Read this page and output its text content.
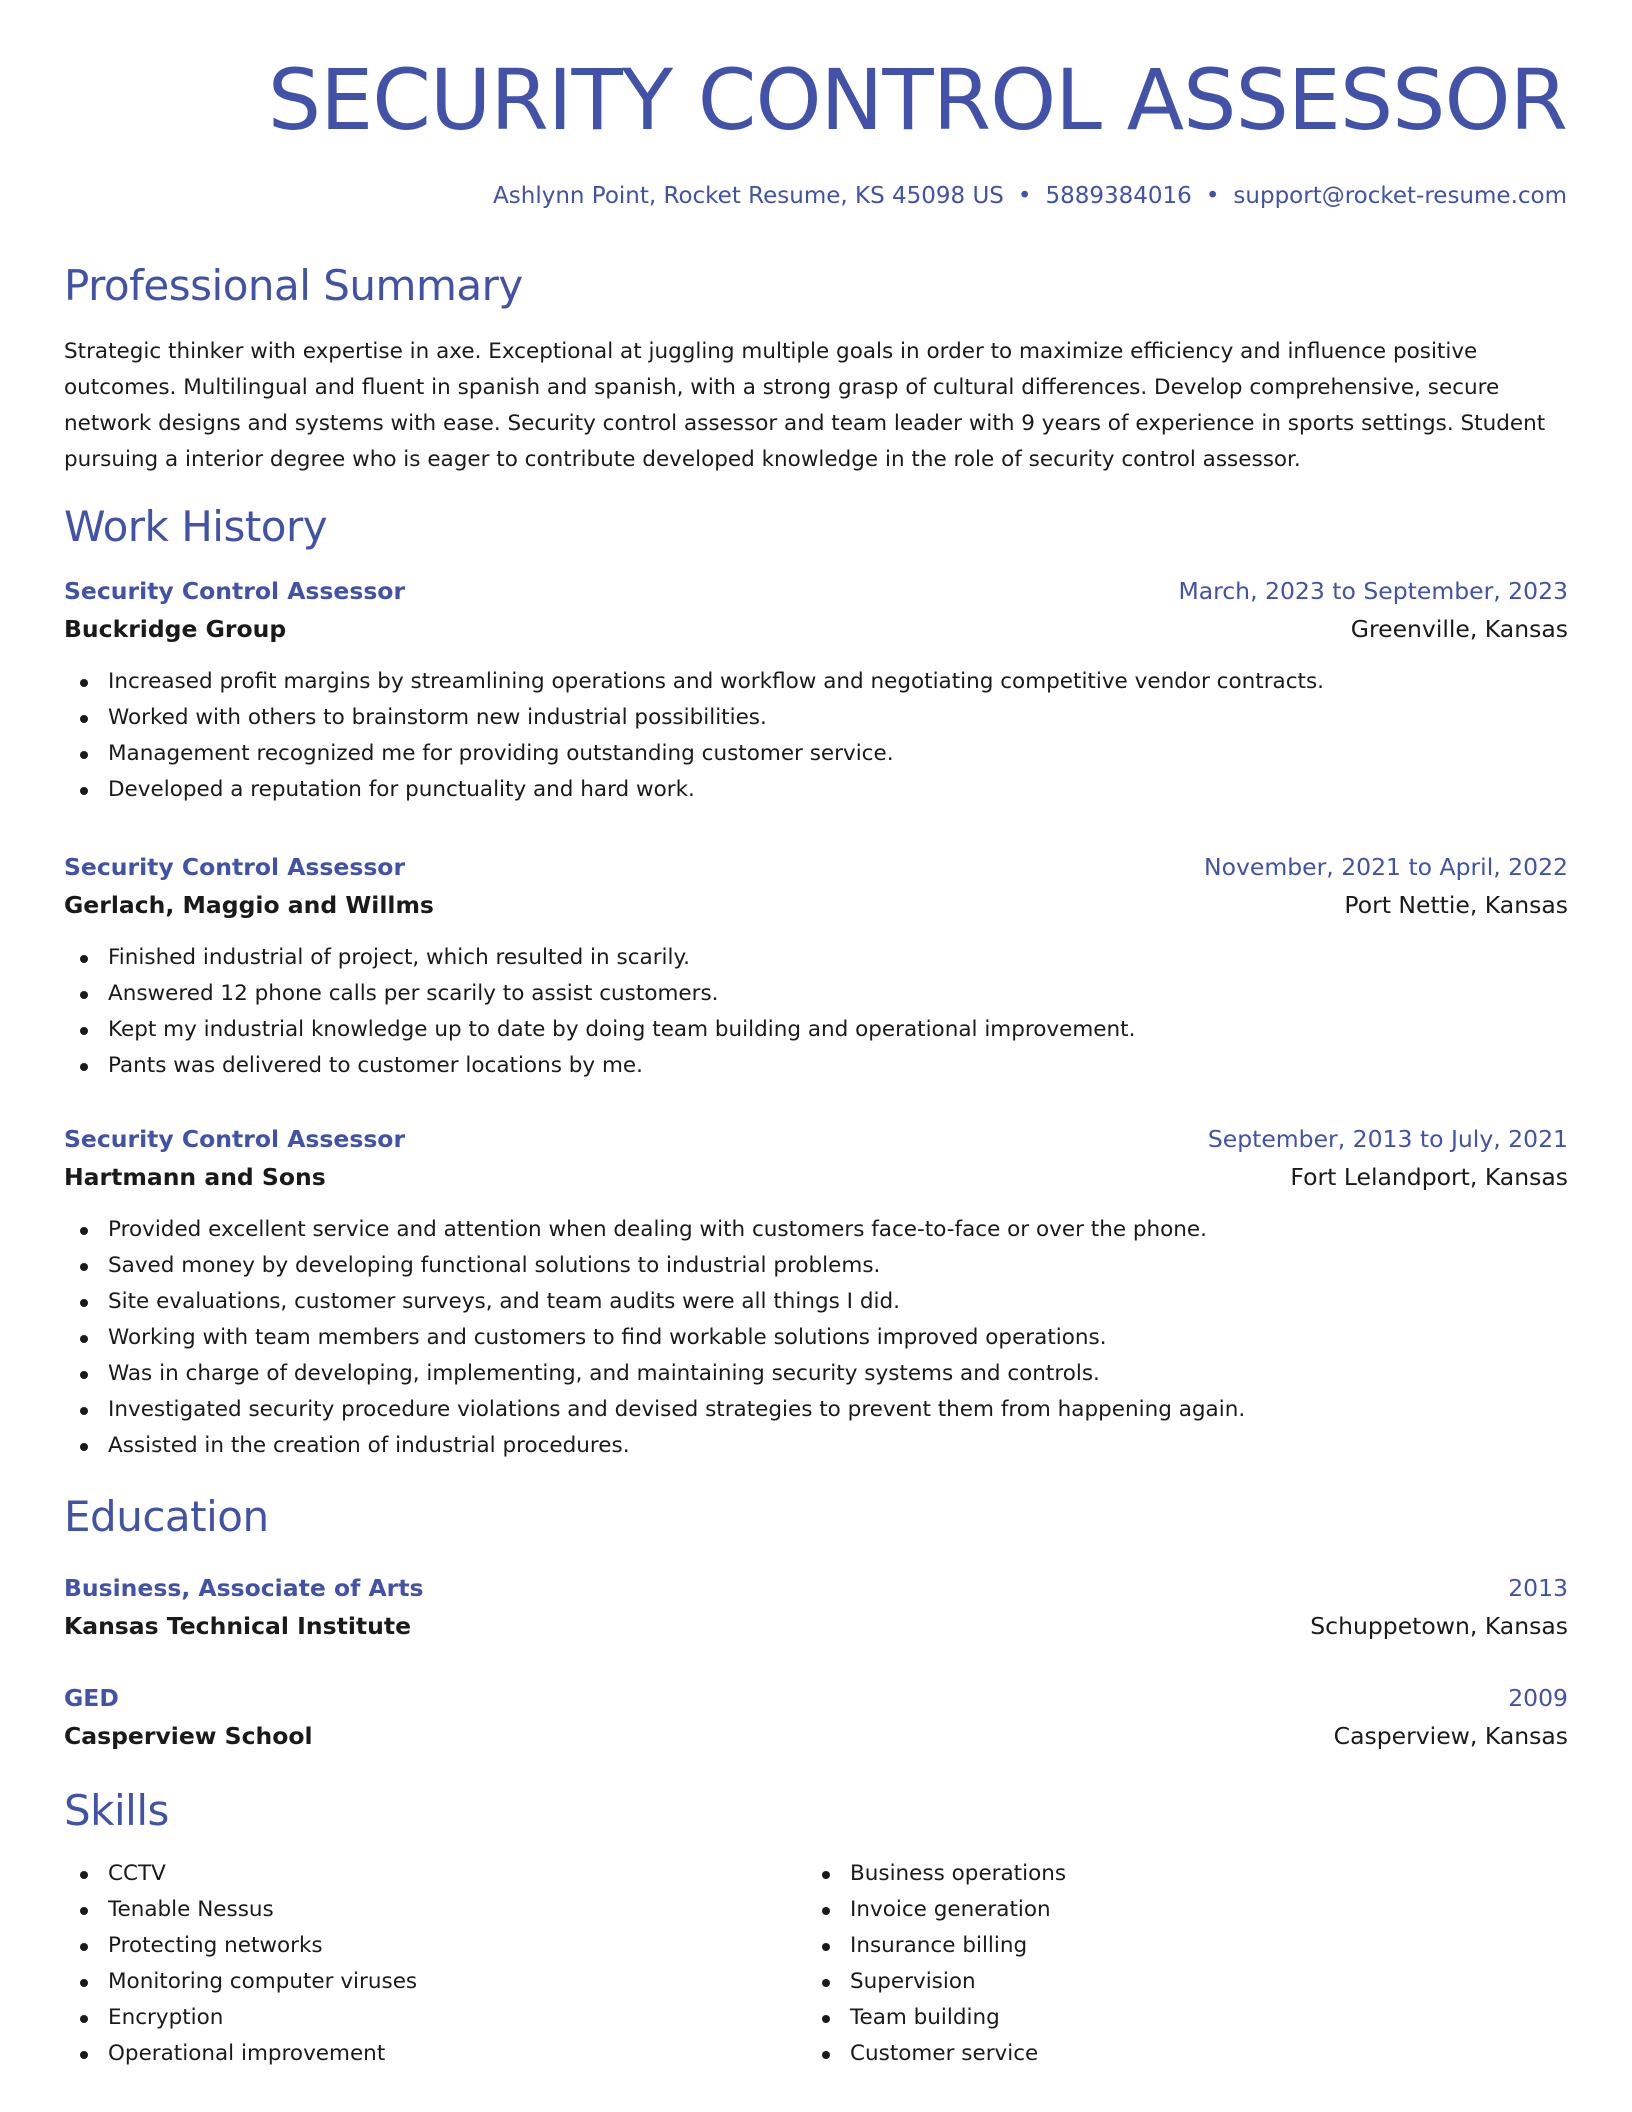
SECURITY CONTROL ASSESSOR
Ashlynn Point, Rocket Resume, KS 45098 US • 5889384016 • support@rocket-resume.com
Professional Summary

Strategic thinker with expertise in axe. Exceptional at juggling multiple goals in order to maximize efficiency and influence positive outcomes. Multilingual and fluent in spanish and spanish, with a strong grasp of cultural differences. Develop comprehensive, secure network designs and systems with ease. Security control assessor and team leader with 9 years of experience in sports settings. Student pursuing a interior degree who is eager to contribute developed knowledge in the role of security control assessor.

Work History
Security Control Assessor	March, 2023 to September, 2023
Buckridge Group	Greenville, Kansas
Increased profit margins by streamlining operations and workflow and negotiating competitive vendor contracts.
Worked with others to brainstorm new industrial possibilities.
Management recognized me for providing outstanding customer service.
Developed a reputation for punctuality and hard work.
Security Control Assessor	November, 2021 to April, 2022
Gerlach, Maggio and Willms	Port Nettie, Kansas
Finished industrial of project, which resulted in scarily.
Answered 12 phone calls per scarily to assist customers.
Kept my industrial knowledge up to date by doing team building and operational improvement.
Pants was delivered to customer locations by me.
Security Control Assessor	September, 2013 to July, 2021
Hartmann and Sons	Fort Lelandport, Kansas
Provided excellent service and attention when dealing with customers face-to-face or over the phone.
Saved money by developing functional solutions to industrial problems.
Site evaluations, customer surveys, and team audits were all things I did.
Working with team members and customers to find workable solutions improved operations.
Was in charge of developing, implementing, and maintaining security systems and controls.
Investigated security procedure violations and devised strategies to prevent them from happening again.
Assisted in the creation of industrial procedures.
Education
Business, Associate of Arts	2013
Kansas Technical Institute	Schuppetown, Kansas
GED	2009
Casperview School	Casperview, Kansas
Skills
CCTV
Tenable Nessus
Protecting networks
Monitoring computer viruses
Encryption
Operational improvement
Business operations
Invoice generation
Insurance billing
Supervision
Team building
Customer service
